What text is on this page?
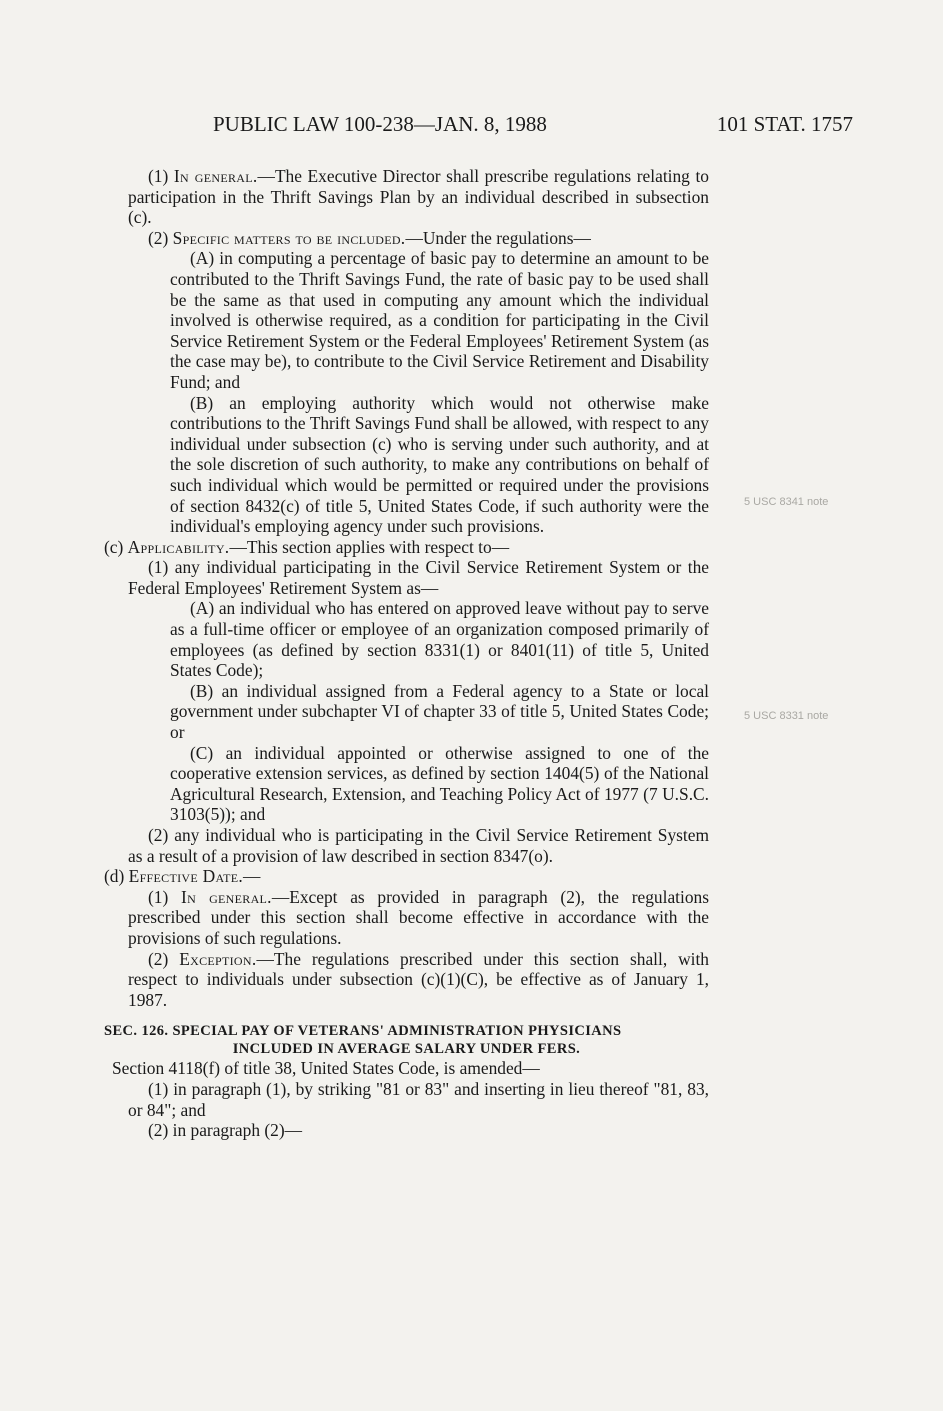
PUBLIC LAW 100-238—JAN. 8, 1988	101 STAT. 1757
5 USC 8341 note
5 USC 8331 note

(1) In general.—The Executive Director shall prescribe regulations relating to participation in the Thrift Savings Plan by an individual described in subsection (c).

(2) Specific matters to be included.—Under the regulations—

(A) in computing a percentage of basic pay to determine an amount to be contributed to the Thrift Savings Fund, the rate of basic pay to be used shall be the same as that used in computing any amount which the individual involved is otherwise required, as a condition for participating in the Civil Service Retirement System or the Federal Employees' Retirement System (as the case may be), to contribute to the Civil Service Retirement and Disability Fund; and

(B) an employing authority which would not otherwise make contributions to the Thrift Savings Fund shall be allowed, with respect to any individual under subsection (c) who is serving under such authority, and at the sole discretion of such authority, to make any contributions on behalf of such individual which would be permitted or required under the provisions of section 8432(c) of title 5, United States Code, if such authority were the individual's employing agency under such provisions.

(c) Applicability.—This section applies with respect to—

(1) any individual participating in the Civil Service Retirement System or the Federal Employees' Retirement System as—

(A) an individual who has entered on approved leave without pay to serve as a full-time officer or employee of an organization composed primarily of employees (as defined by section 8331(1) or 8401(11) of title 5, United States Code);

(B) an individual assigned from a Federal agency to a State or local government under subchapter VI of chapter 33 of title 5, United States Code; or

(C) an individual appointed or otherwise assigned to one of the cooperative extension services, as defined by section 1404(5) of the National Agricultural Research, Extension, and Teaching Policy Act of 1977 (7 U.S.C. 3103(5)); and

(2) any individual who is participating in the Civil Service Retirement System as a result of a provision of law described in section 8347(o).

(d) Effective Date.—

(1) In general.—Except as provided in paragraph (2), the regulations prescribed under this section shall become effective in accordance with the provisions of such regulations.

(2) Exception.—The regulations prescribed under this section shall, with respect to individuals under subsection (c)(1)(C), be effective as of January 1, 1987.

SEC. 126. SPECIAL PAY OF VETERANS' ADMINISTRATION PHYSICIANS
INCLUDED IN AVERAGE SALARY UNDER FERS.

Section 4118(f) of title 38, United States Code, is amended—

(1) in paragraph (1), by striking "81 or 83" and inserting in lieu thereof "81, 83, or 84"; and

(2) in paragraph (2)—
